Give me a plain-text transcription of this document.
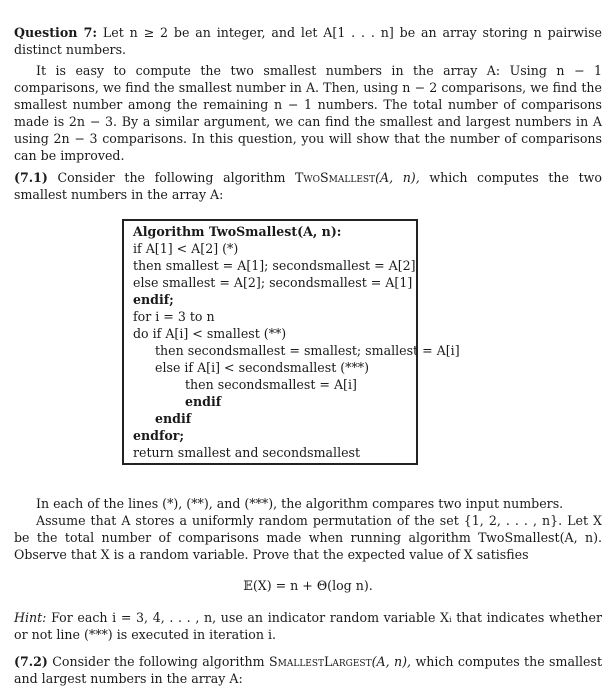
Question 7: Let n ≥ 2 be an integer, and let A[1 . . . n] be an array storing n pairwise distinct numbers.

It is easy to compute the two smallest numbers in the array A: Using n − 1 comparisons, we find the smallest number in A. Then, using n − 2 comparisons, we find the smallest number among the remaining n − 1 numbers. The total number of comparisons made is 2n − 3. By a similar argument, we can find the smallest and largest numbers in A using 2n − 3 comparisons. In this question, you will show that the number of comparisons can be improved.

(7.1) Consider the following algorithm TwoSmallest(A, n), which computes the two smallest numbers in the array A:

Algorithm TwoSmallest(A, n):
if A[1] < A[2] (*)
then smallest = A[1]; secondsmallest = A[2]
else smallest = A[2]; secondsmallest = A[1]
endif;
for i = 3 to n
do if A[i] < smallest (**)
then secondsmallest = smallest; smallest = A[i]
else if A[i] < secondsmallest (***)
then secondsmallest = A[i]
endif
endif
endfor;
return smallest and secondsmallest

In each of the lines (*), (**), and (***), the algorithm compares two input numbers.

Assume that A stores a uniformly random permutation of the set {1, 2, . . . , n}. Let X be the total number of comparisons made when running algorithm TwoSmallest(A, n). Observe that X is a random variable. Prove that the expected value of X satisfies

𝔼(X) = n + Θ(log n).

Hint: For each i = 3, 4, . . . , n, use an indicator random variable Xᵢ that indicates whether or not line (***) is executed in iteration i.

(7.2) Consider the following algorithm SmallestLargest(A, n), which computes the smallest and largest numbers in the array A:
